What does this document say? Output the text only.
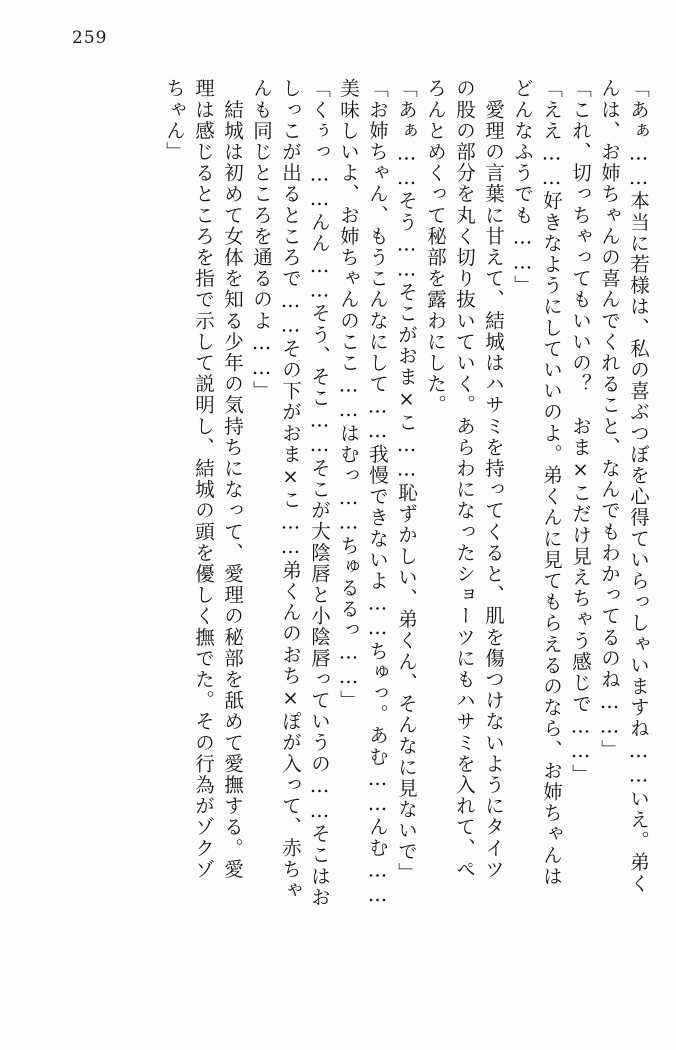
259
「あぁ……本当に若様は、私の喜ぶつぼを心得ていらっしゃいますね……いえ。弟く
んは、お姉ちゃんの喜んでくれること、なんでもわかってるのね……」
「これ、切っちゃってもいいの？　おま×こだけ見えちゃう感じで……」
「ええ……好きなようにしていいのよ。弟くんに見てもらえるのなら、お姉ちゃんは
どんなふうでも……」
　愛理の言葉に甘えて、結城はハサミを持ってくると、肌を傷つけないようにタイツ
の股の部分を丸く切り抜いていく。あらわになったショーツにもハサミを入れて、ぺ
ろんとめくって秘部を露わにした。
「あぁ……そう……そこがおま×こ……恥ずかしい、弟くん、そんなに見ないで」
「お姉ちゃん、もうこんなにして……我慢できないよ……ちゅっ。あむ……んむ……
美味しいよ、お姉ちゃんのここ……はむっ……ちゅるるっ……」
「くぅっ……んん……そう、そこ……そこが大陰唇と小陰唇っていうの……そこはお
しっこが出るところで……その下がおま×こ……弟くんのおち×ぽが入って、赤ちゃ
んも同じところを通るのよ……」
　結城は初めて女体を知る少年の気持ちになって、愛理の秘部を舐めて愛撫する。愛
理は感じるところを指で示して説明し、結城の頭を優しく撫でた。その行為がゾクゾ
ちゃん」
